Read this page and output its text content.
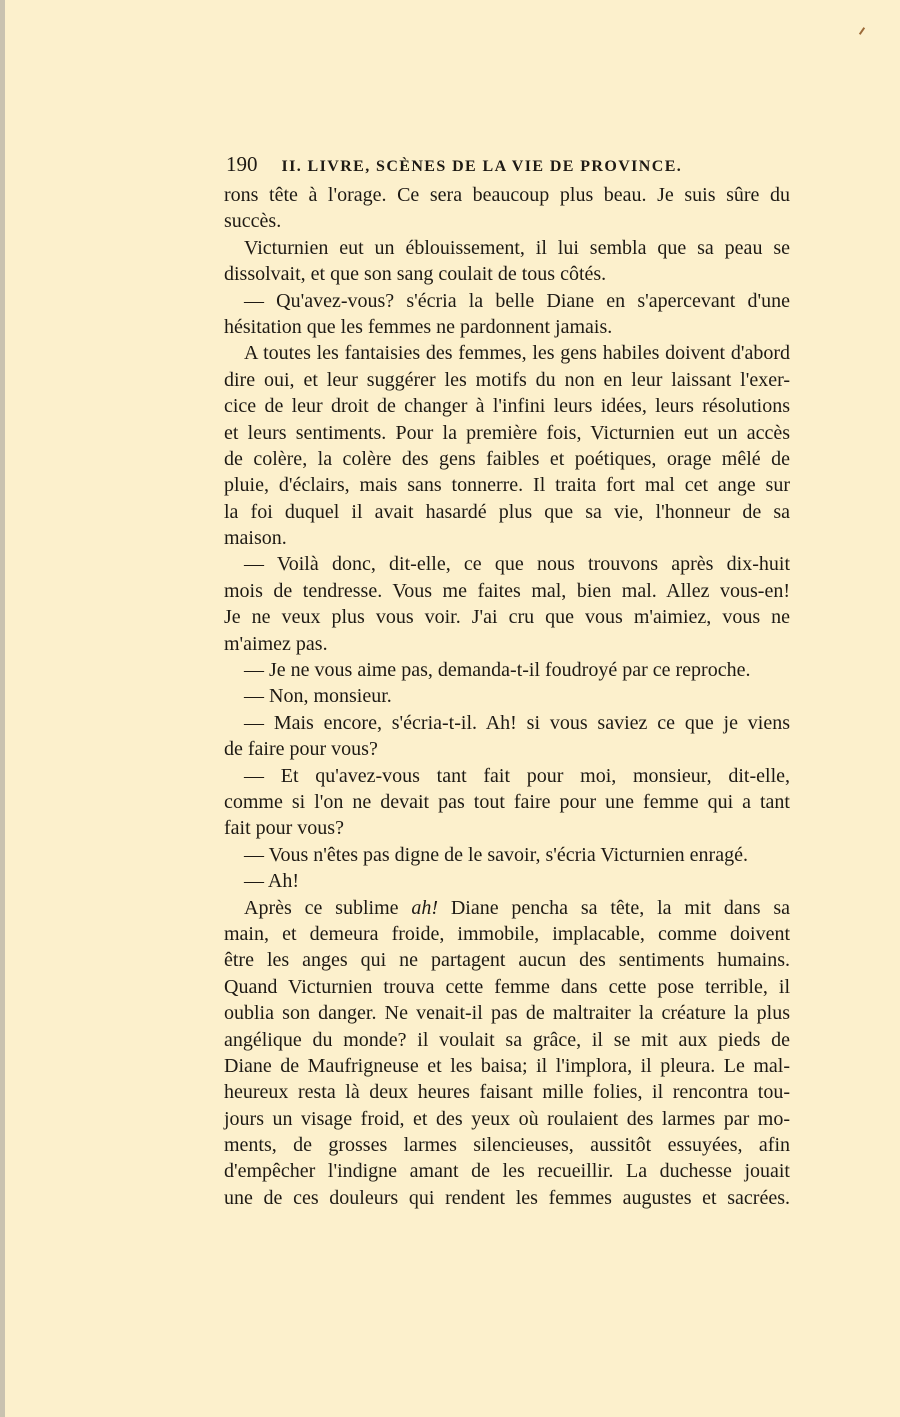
190 II. LIVRE, SCÈNES DE LA VIE DE PROVINCE.
rons tête à l'orage. Ce sera beaucoup plus beau. Je suis sûre du
succès.
Victurnien eut un éblouissement, il lui sembla que sa peau se
dissolvait, et que son sang coulait de tous côtés.
— Qu'avez-vous? s'écria la belle Diane en s'apercevant d'une
hésitation que les femmes ne pardonnent jamais.
A toutes les fantaisies des femmes, les gens habiles doivent d'abord
dire oui, et leur suggérer les motifs du non en leur laissant l'exer-
cice de leur droit de changer à l'infini leurs idées, leurs résolutions
et leurs sentiments. Pour la première fois, Victurnien eut un accès
de colère, la colère des gens faibles et poétiques, orage mêlé de
pluie, d'éclairs, mais sans tonnerre. Il traita fort mal cet ange sur
la foi duquel il avait hasardé plus que sa vie, l'honneur de sa
maison.
— Voilà donc, dit-elle, ce que nous trouvons après dix-huit
mois de tendresse. Vous me faites mal, bien mal. Allez vous-en!
Je ne veux plus vous voir. J'ai cru que vous m'aimiez, vous ne
m'aimez pas.
— Je ne vous aime pas, demanda-t-il foudroyé par ce reproche.
— Non, monsieur.
— Mais encore, s'écria-t-il. Ah! si vous saviez ce que je viens
de faire pour vous?
— Et qu'avez-vous tant fait pour moi, monsieur, dit-elle,
comme si l'on ne devait pas tout faire pour une femme qui a tant
fait pour vous?
— Vous n'êtes pas digne de le savoir, s'écria Victurnien enragé.
— Ah!
Après ce sublime ah! Diane pencha sa tête, la mit dans sa
main, et demeura froide, immobile, implacable, comme doivent
être les anges qui ne partagent aucun des sentiments humains.
Quand Victurnien trouva cette femme dans cette pose terrible, il
oublia son danger. Ne venait-il pas de maltraiter la créature la plus
angélique du monde? il voulait sa grâce, il se mit aux pieds de
Diane de Maufrigneuse et les baisa; il l'implora, il pleura. Le mal-
heureux resta là deux heures faisant mille folies, il rencontra tou-
jours un visage froid, et des yeux où roulaient des larmes par mo-
ments, de grosses larmes silencieuses, aussitôt essuyées, afin
d'empêcher l'indigne amant de les recueillir. La duchesse jouait
une de ces douleurs qui rendent les femmes augustes et sacrées.
